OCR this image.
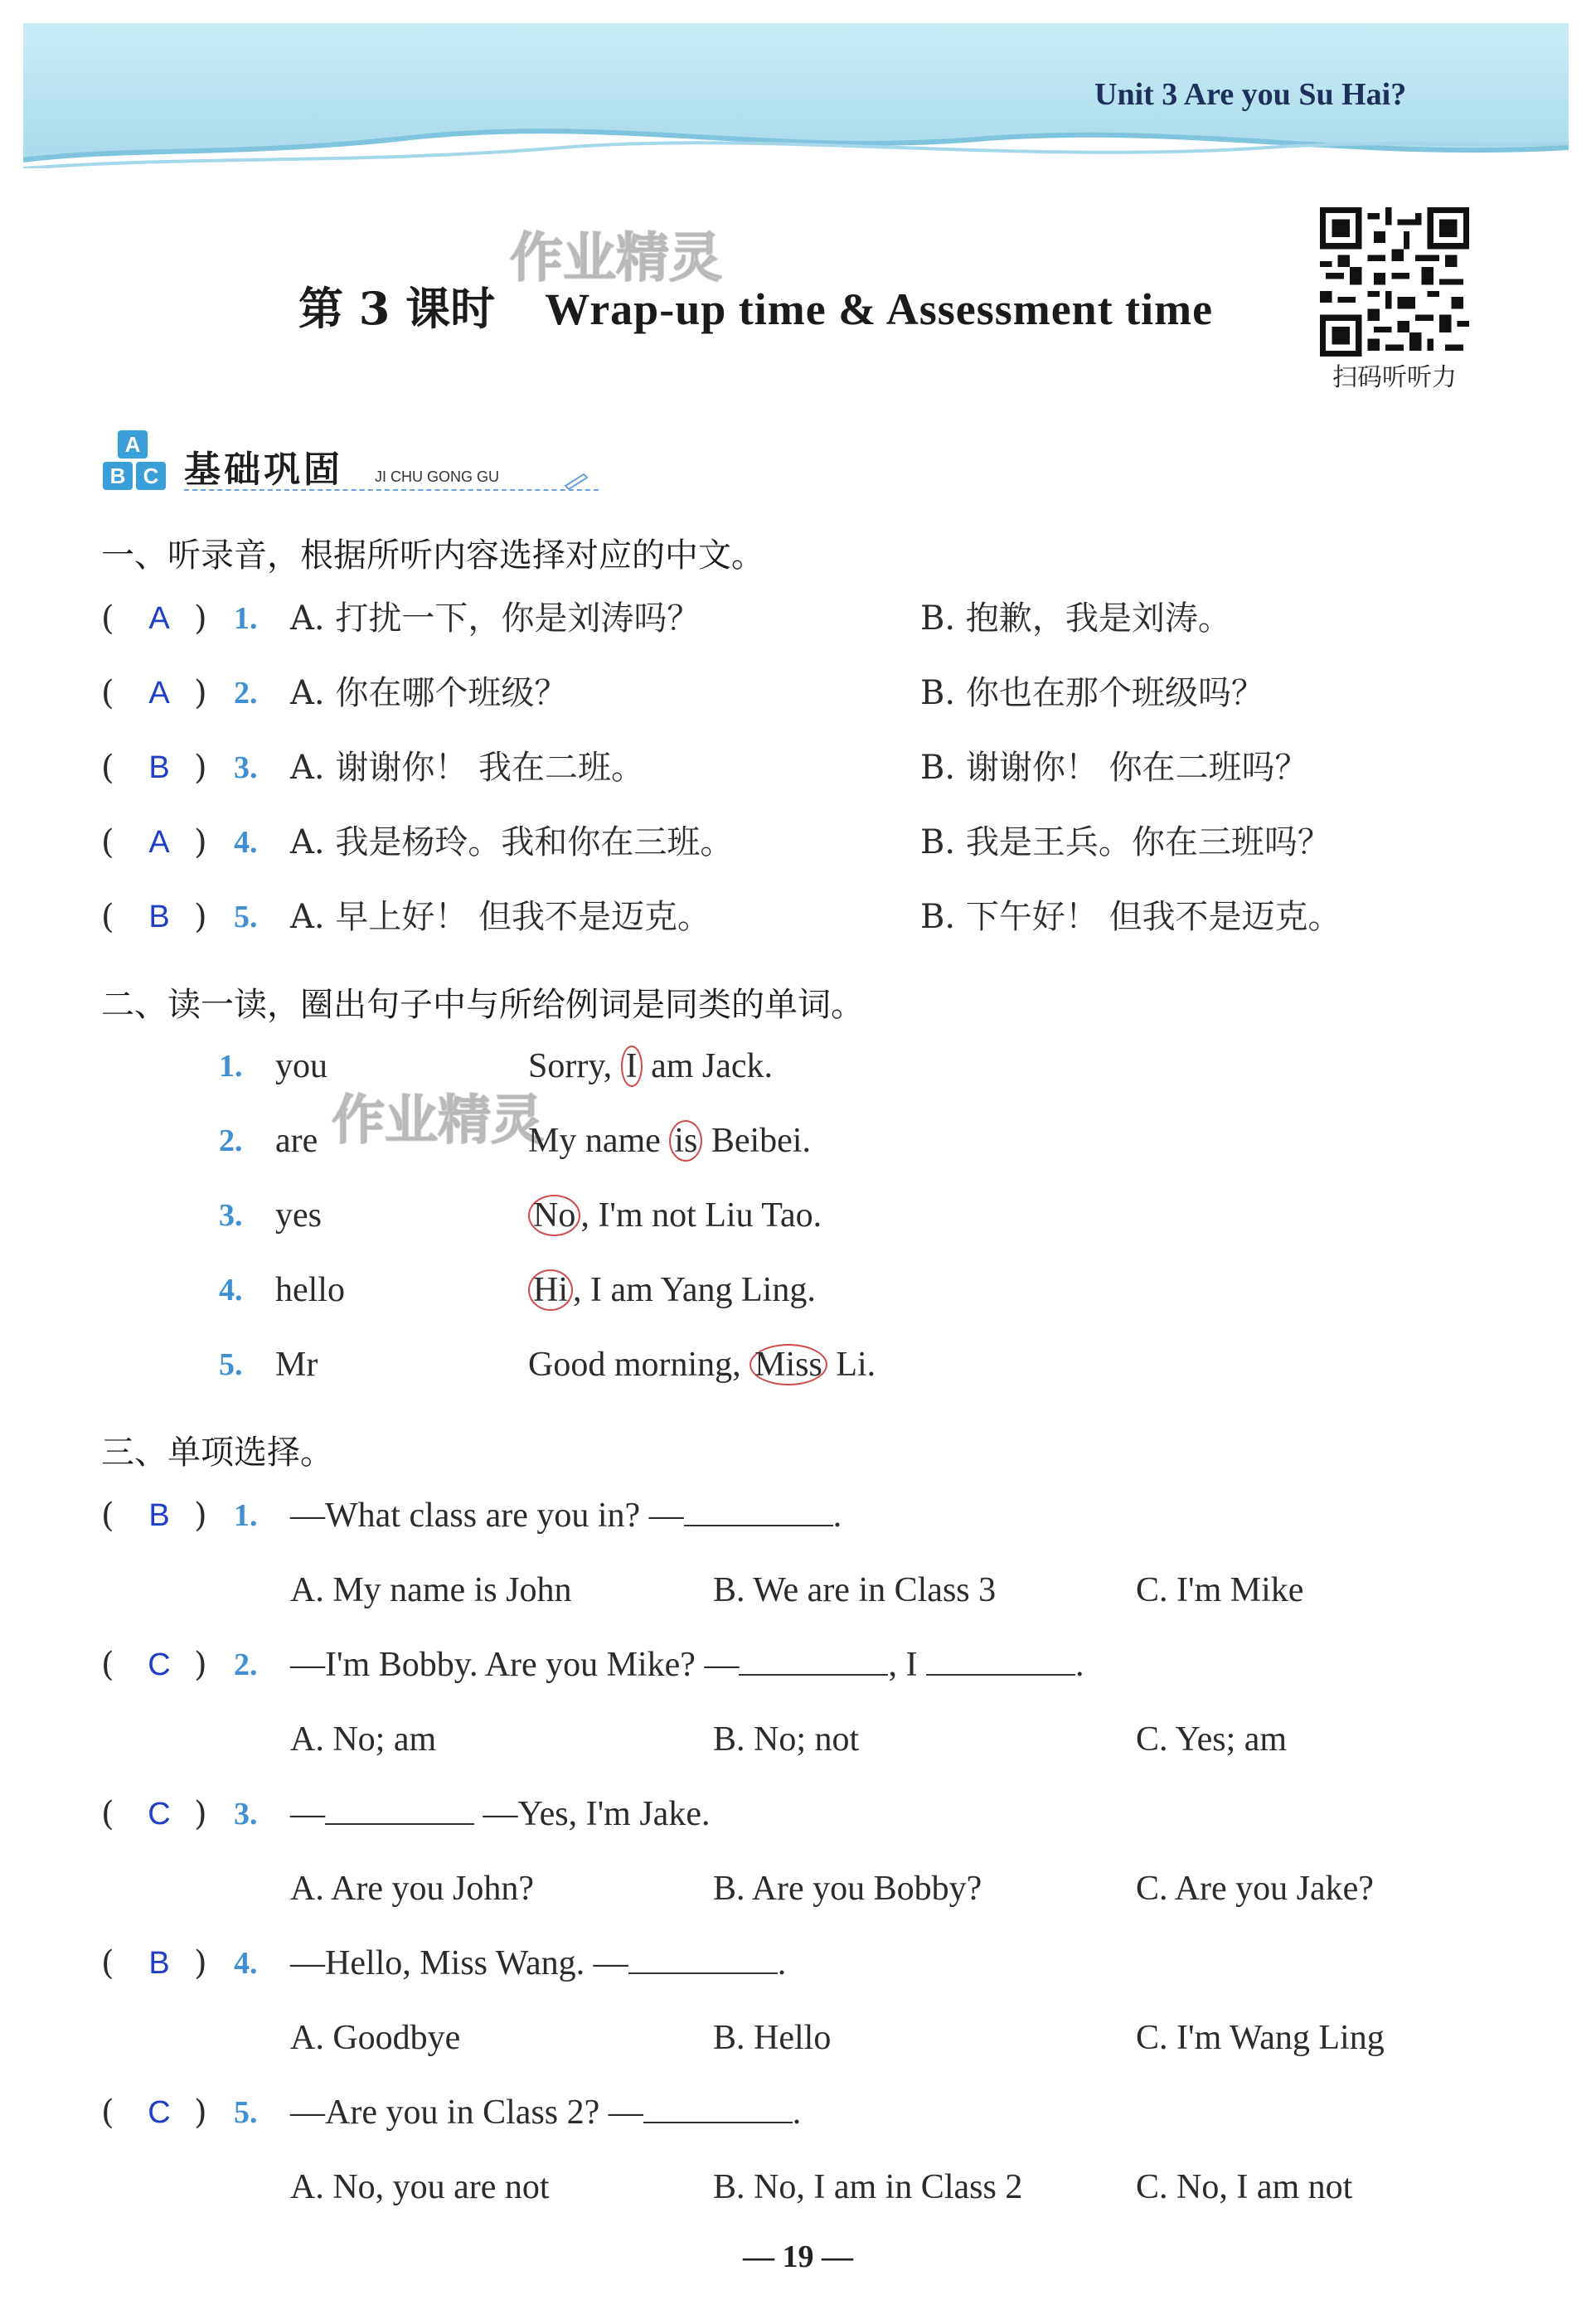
Unit 3 Are you Su Hai?
第 3 课时 Wrap-up time & Assessment time
作业精灵
作业精灵
扫码听听力
A
B C 基础巩固 JI CHU GONG GU
一、听录音，根据所听内容选择对应的中文。
( A ) 1. A. 打扰一下，你是刘涛吗？	B. 抱歉，我是刘涛。
( A ) 2. A. 你在哪个班级？	B. 你也在那个班级吗？
( B ) 3. A. 谢谢你！ 我在二班。	B. 谢谢你！ 你在二班吗？
( A ) 4. A. 我是杨玲。我和你在三班。	B. 我是王兵。你在三班吗？
( B ) 5. A. 早上好！ 但我不是迈克。	B. 下午好！ 但我不是迈克。
二、读一读，圈出句子中与所给例词是同类的单词。
1. you	Sorry, I am Jack.
2. are	My name is Beibei.
3. yes	No , I'm not Liu Tao.
4. hello	Hi , I am Yang Ling.
5. Mr	Good morning, Miss Li.
三、单项选择。
( B ) 1. —What class are you in? —	.
A. My name is John	B. We are in Class 3	C. I'm Mike
( C ) 2. —I'm Bobby. Are you Mike? —	, I	.
A. No; am	B. No; not	C. Yes; am
( C ) 3. —	—Yes, I'm Jake.
A. Are you John?	B. Are you Bobby?	C. Are you Jake?
( B ) 4. —Hello, Miss Wang. —	.
A. Goodbye	B. Hello	C. I'm Wang Ling
( C ) 5. —Are you in Class 2? —	.
A. No, you are not	B. No, I am in Class 2	C. No, I am not
— 19 —
